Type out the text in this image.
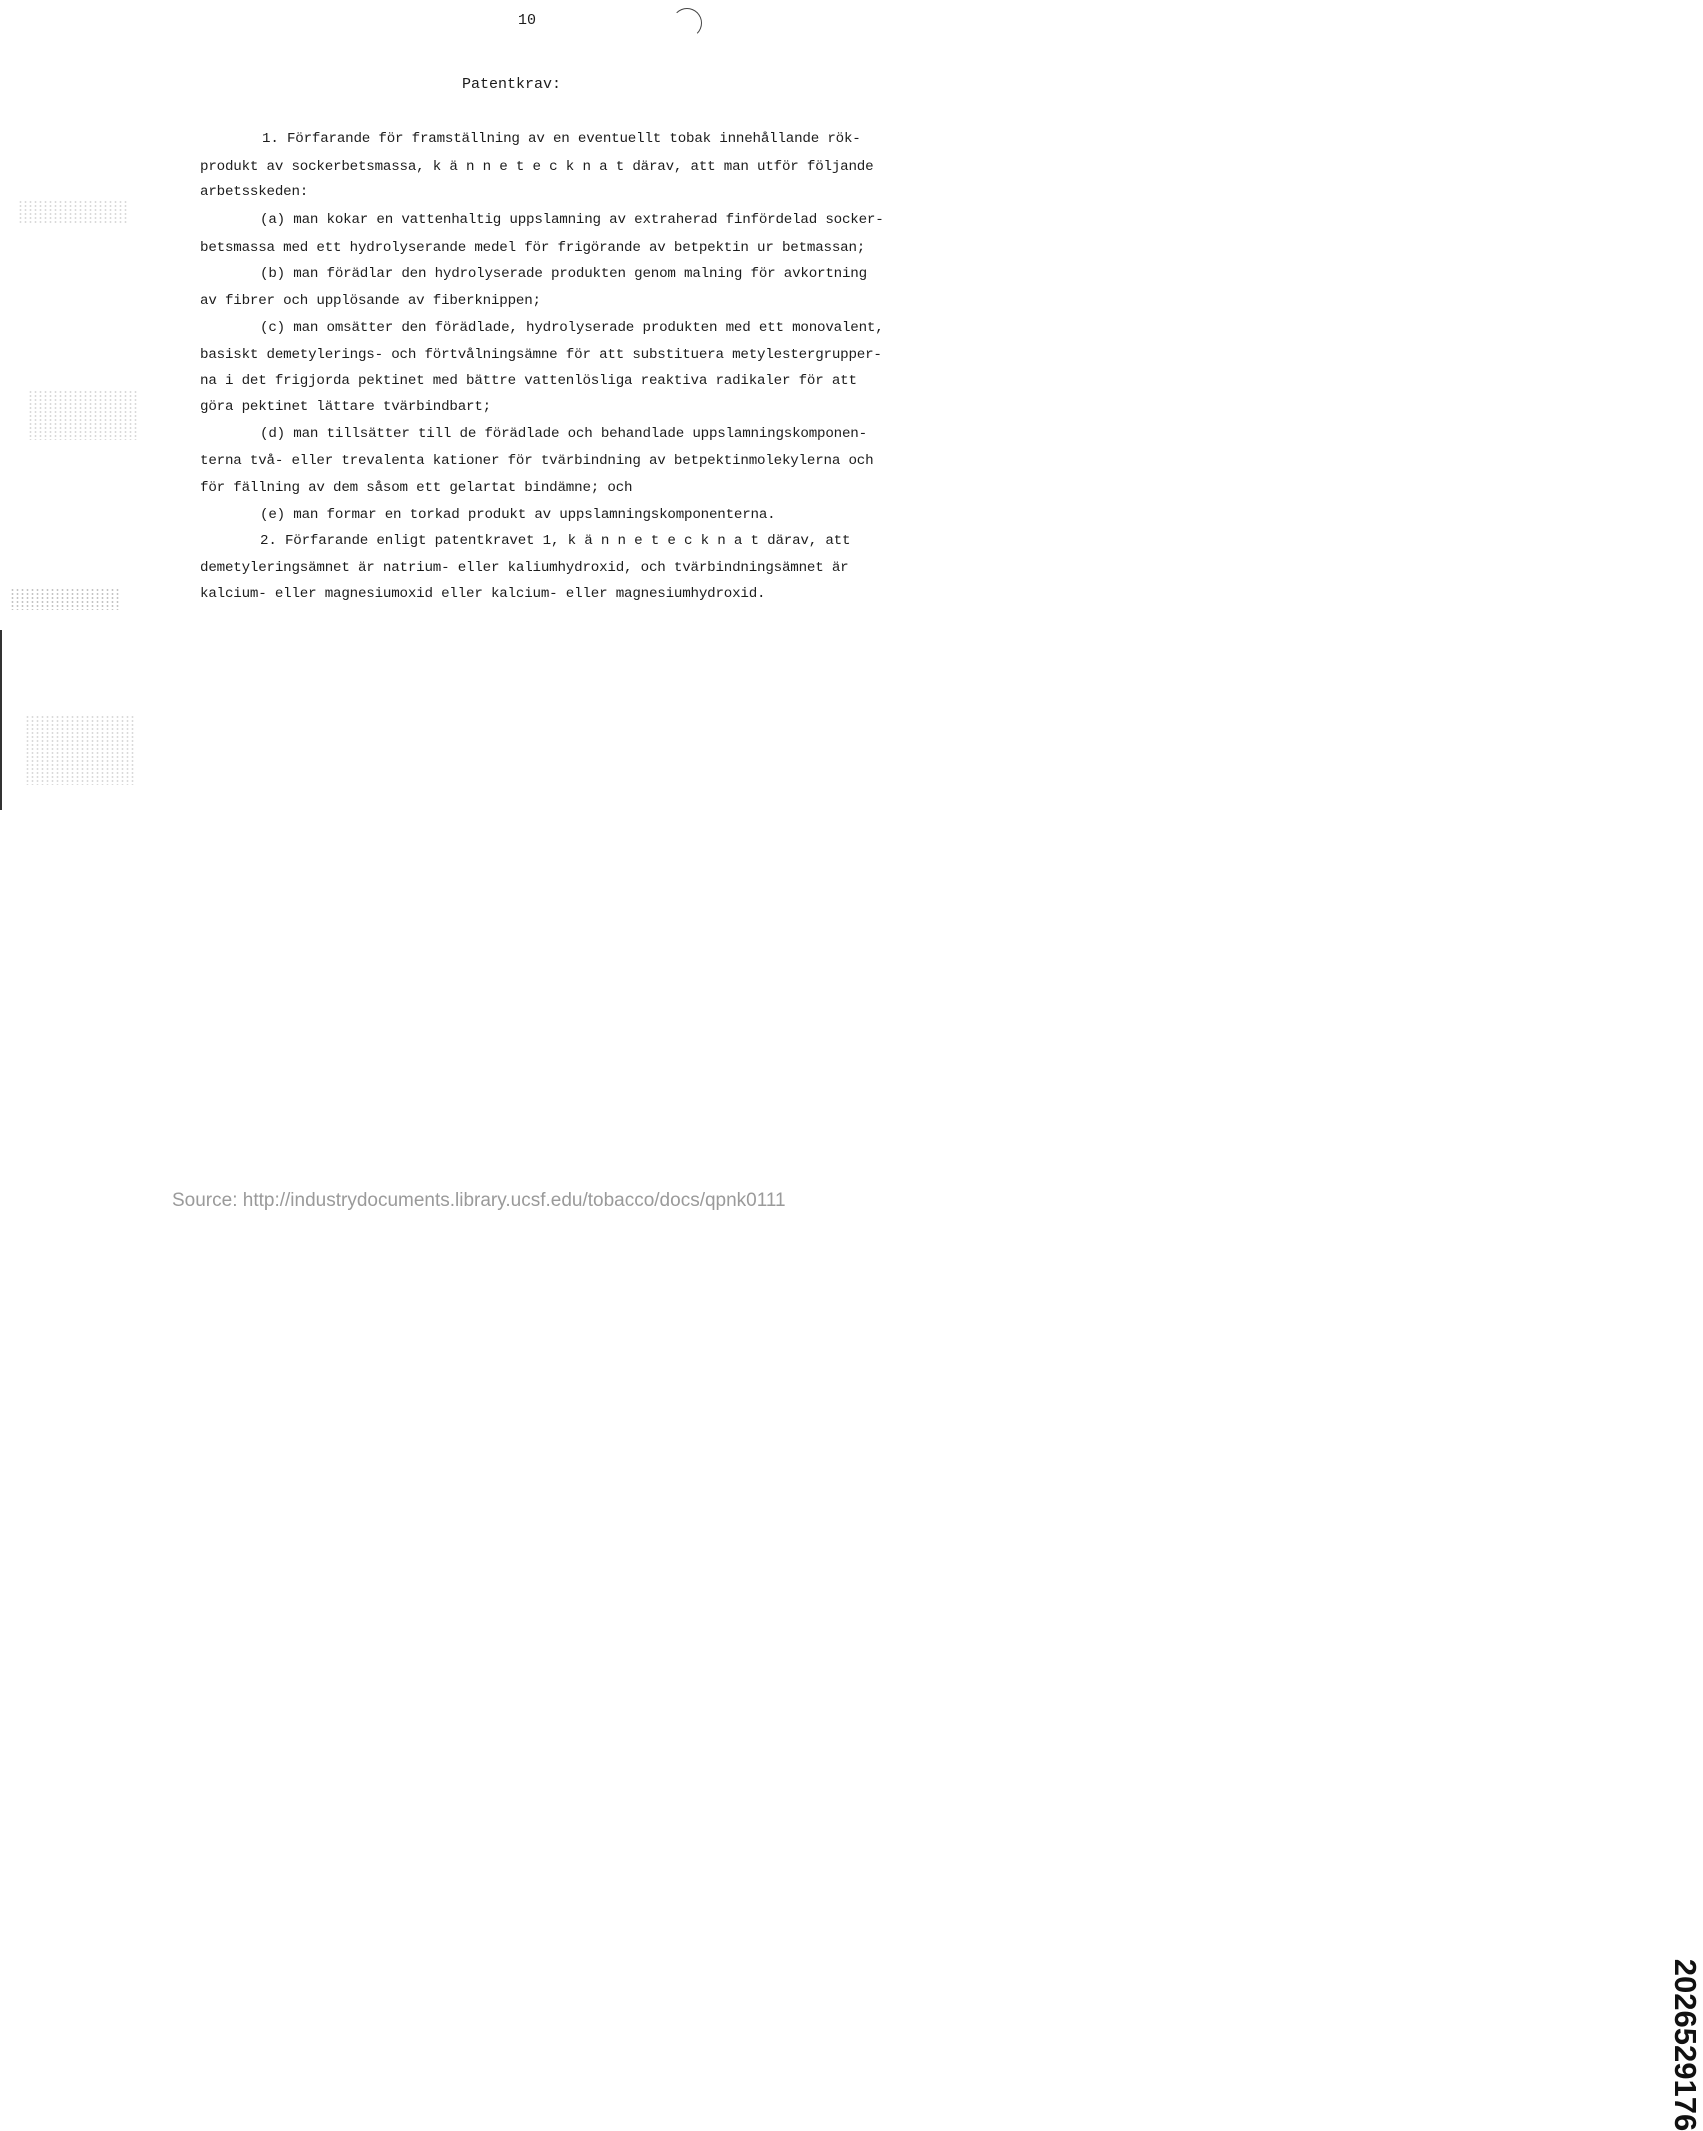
10
Patentkrav:
1. Förfarande för framställning av en eventuellt tobak innehållande rök-
produkt av sockerbetsmassa, k ä n n e t e c k n a t därav, att man utför följande
arbetsskeden:
(a) man kokar en vattenhaltig uppslamning av extraherad finfördelad socker-
betsmassa med ett hydrolyserande medel för frigörande av betpektin ur betmassan;
(b) man förädlar den hydrolyserade produkten genom malning för avkortning
av fibrer och upplösande av fiberknippen;
(c) man omsätter den förädlade, hydrolyserade produkten med ett monovalent,
basiskt demetylerings- och förtvålningsämne för att substituera metylestergrupper-
na i det frigjorda pektinet med bättre vattenlösliga reaktiva radikaler för att
göra pektinet lättare tvärbindbart;
(d) man tillsätter till de förädlade och behandlade uppslamningskomponen-
terna två- eller trevalenta kationer för tvärbindning av betpektinmolekylerna och
för fällning av dem såsom ett gelartat bindämne; och
(e) man formar en torkad produkt av uppslamningskomponenterna.
2. Förfarande enligt patentkravet 1, k ä n n e t e c k n a t därav, att
demetyleringsämnet är natrium- eller kaliumhydroxid, och tvärbindningsämnet är
kalcium- eller magnesiumoxid eller kalcium- eller magnesiumhydroxid.
2026529176
Source: http://industrydocuments.library.ucsf.edu/tobacco/docs/qpnk0111
